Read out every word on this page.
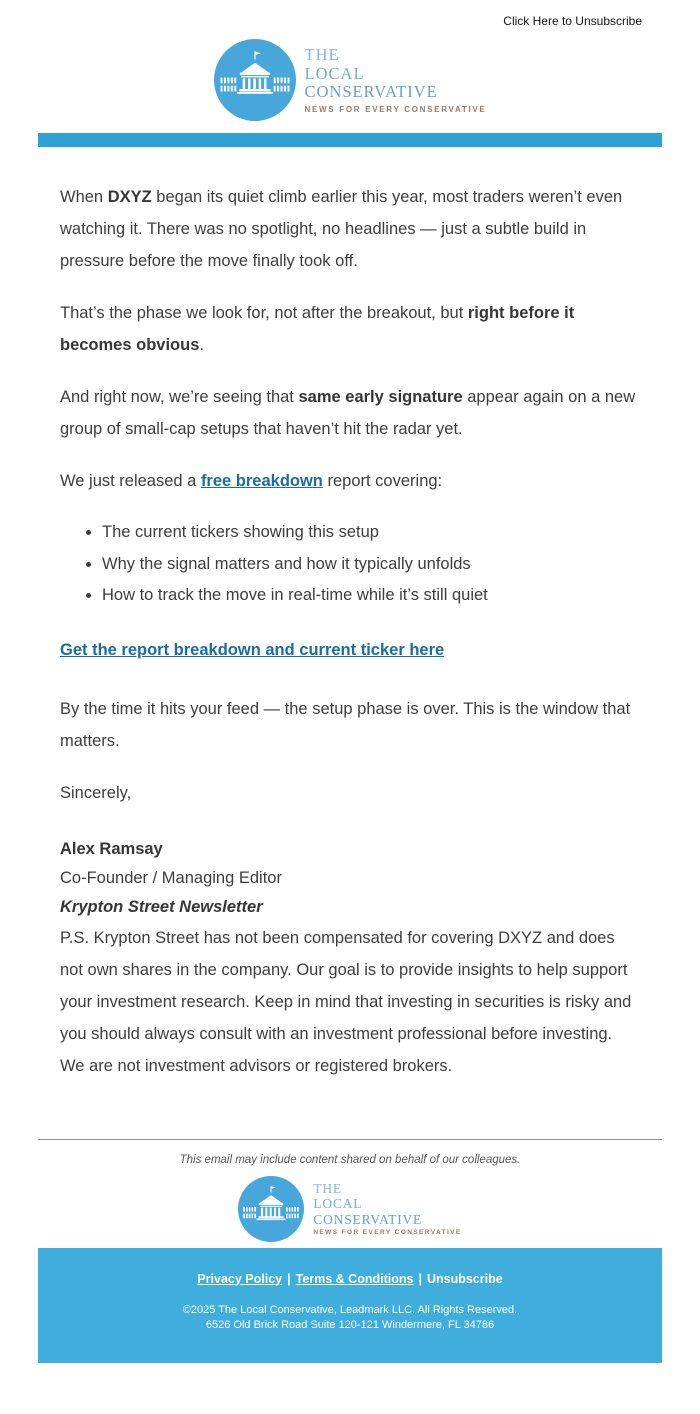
Click Here to Unsubscribe
THE
LOCAL
CONSERVATIVE
NEWS FOR EVERY CONSERVATIVE

When DXYZ began its quiet climb earlier this year, most traders weren’t even watching it. There was no spotlight, no headlines — just a subtle build in pressure before the move finally took off.

That’s the phase we look for, not after the breakout, but right before it becomes obvious.

And right now, we’re seeing that same early signature appear again on a new group of small-cap setups that haven’t hit the radar yet.

We just released a free breakdown report covering:

• The current tickers showing this setup
• Why the signal matters and how it typically unfolds
• How to track the move in real-time while it’s still quiet

Get the report breakdown and current ticker here

By the time it hits your feed — the setup phase is over. This is the window that matters.

Sincerely,

Alex Ramsay
Co-Founder / Managing Editor
Krypton Street Newsletter

P.S. Krypton Street has not been compensated for covering DXYZ and does not own shares in the company. Our goal is to provide insights to help support your investment research. Keep in mind that investing in securities is risky and you should always consult with an investment professional before investing. We are not investment advisors or registered brokers.

This email may include content shared on behalf of our colleagues.
THE
LOCAL
CONSERVATIVE
NEWS FOR EVERY CONSERVATIVE
Privacy Policy | Terms & Conditions | Unsubscribe
©2025 The Local Conservative, Leadmark LLC. All Rights Reserved.
6526 Old Brick Road Suite 120-121 Windermere, FL 34786
